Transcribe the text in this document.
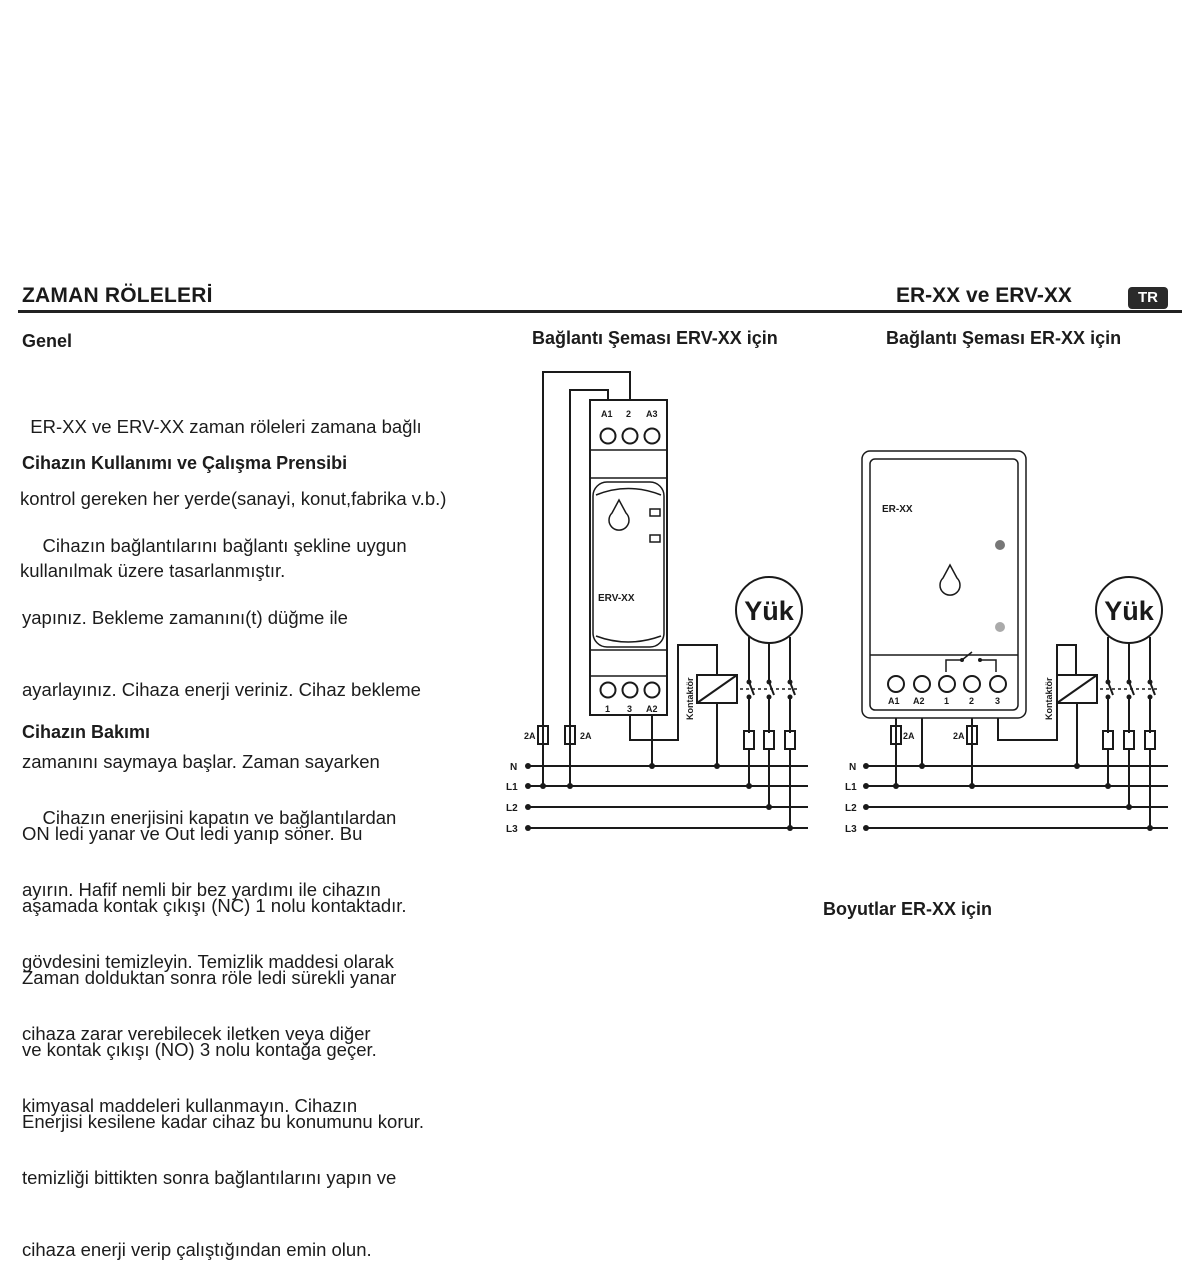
ZAMAN RÖLELERİ	ER-XX ve ERV-XX	TR
Genel

ER-XX ve ERV-XX zaman röleleri zamana bağlı

kontrol gereken her yerde(sanayi, konut,fabrika v.b.)

kullanılmak üzere tasarlanmıştır.

Cihazın Kullanımı ve Çalışma Prensibi

Cihazın bağlantılarını bağlantı şekline uygun

yapınız. Bekleme zamanını(t) düğme ile

ayarlayınız. Cihaza enerji veriniz. Cihaz bekleme

zamanını saymaya başlar. Zaman sayarken

ON ledi yanar ve Out ledi yanıp söner. Bu

aşamada kontak çıkışı (NC) 1 nolu kontaktadır.

Zaman dolduktan sonra röle ledi sürekli yanar

ve kontak çıkışı (NO) 3 nolu kontağa geçer.

Enerjisi kesilene kadar cihaz bu konumunu korur.

Cihazın Bakımı

Cihazın enerjisini kapatın ve bağlantılardan

ayırın. Hafif nemli bir bez yardımı ile cihazın

gövdesini temizleyin. Temizlik maddesi olarak

cihaza zarar verebilecek iletken veya diğer

kimyasal maddeleri kullanmayın. Cihazın

temizliği bittikten sonra bağlantılarını yapın ve

cihaza enerji verip çalıştığından emin olun.

Bağlantı Şeması ERV-XX için	Bağlantı Şeması ER-XX için
Boyutlar ER-XX için
N
L1
L2
L3
2A	2A
A1 2 A3
ERV-XX
1 3 A2	Kontaktör
Yük
N
L1
L2
L3
ER-XX
A1 A2 1 2 3
2A	2A
Kontaktör
Yük
